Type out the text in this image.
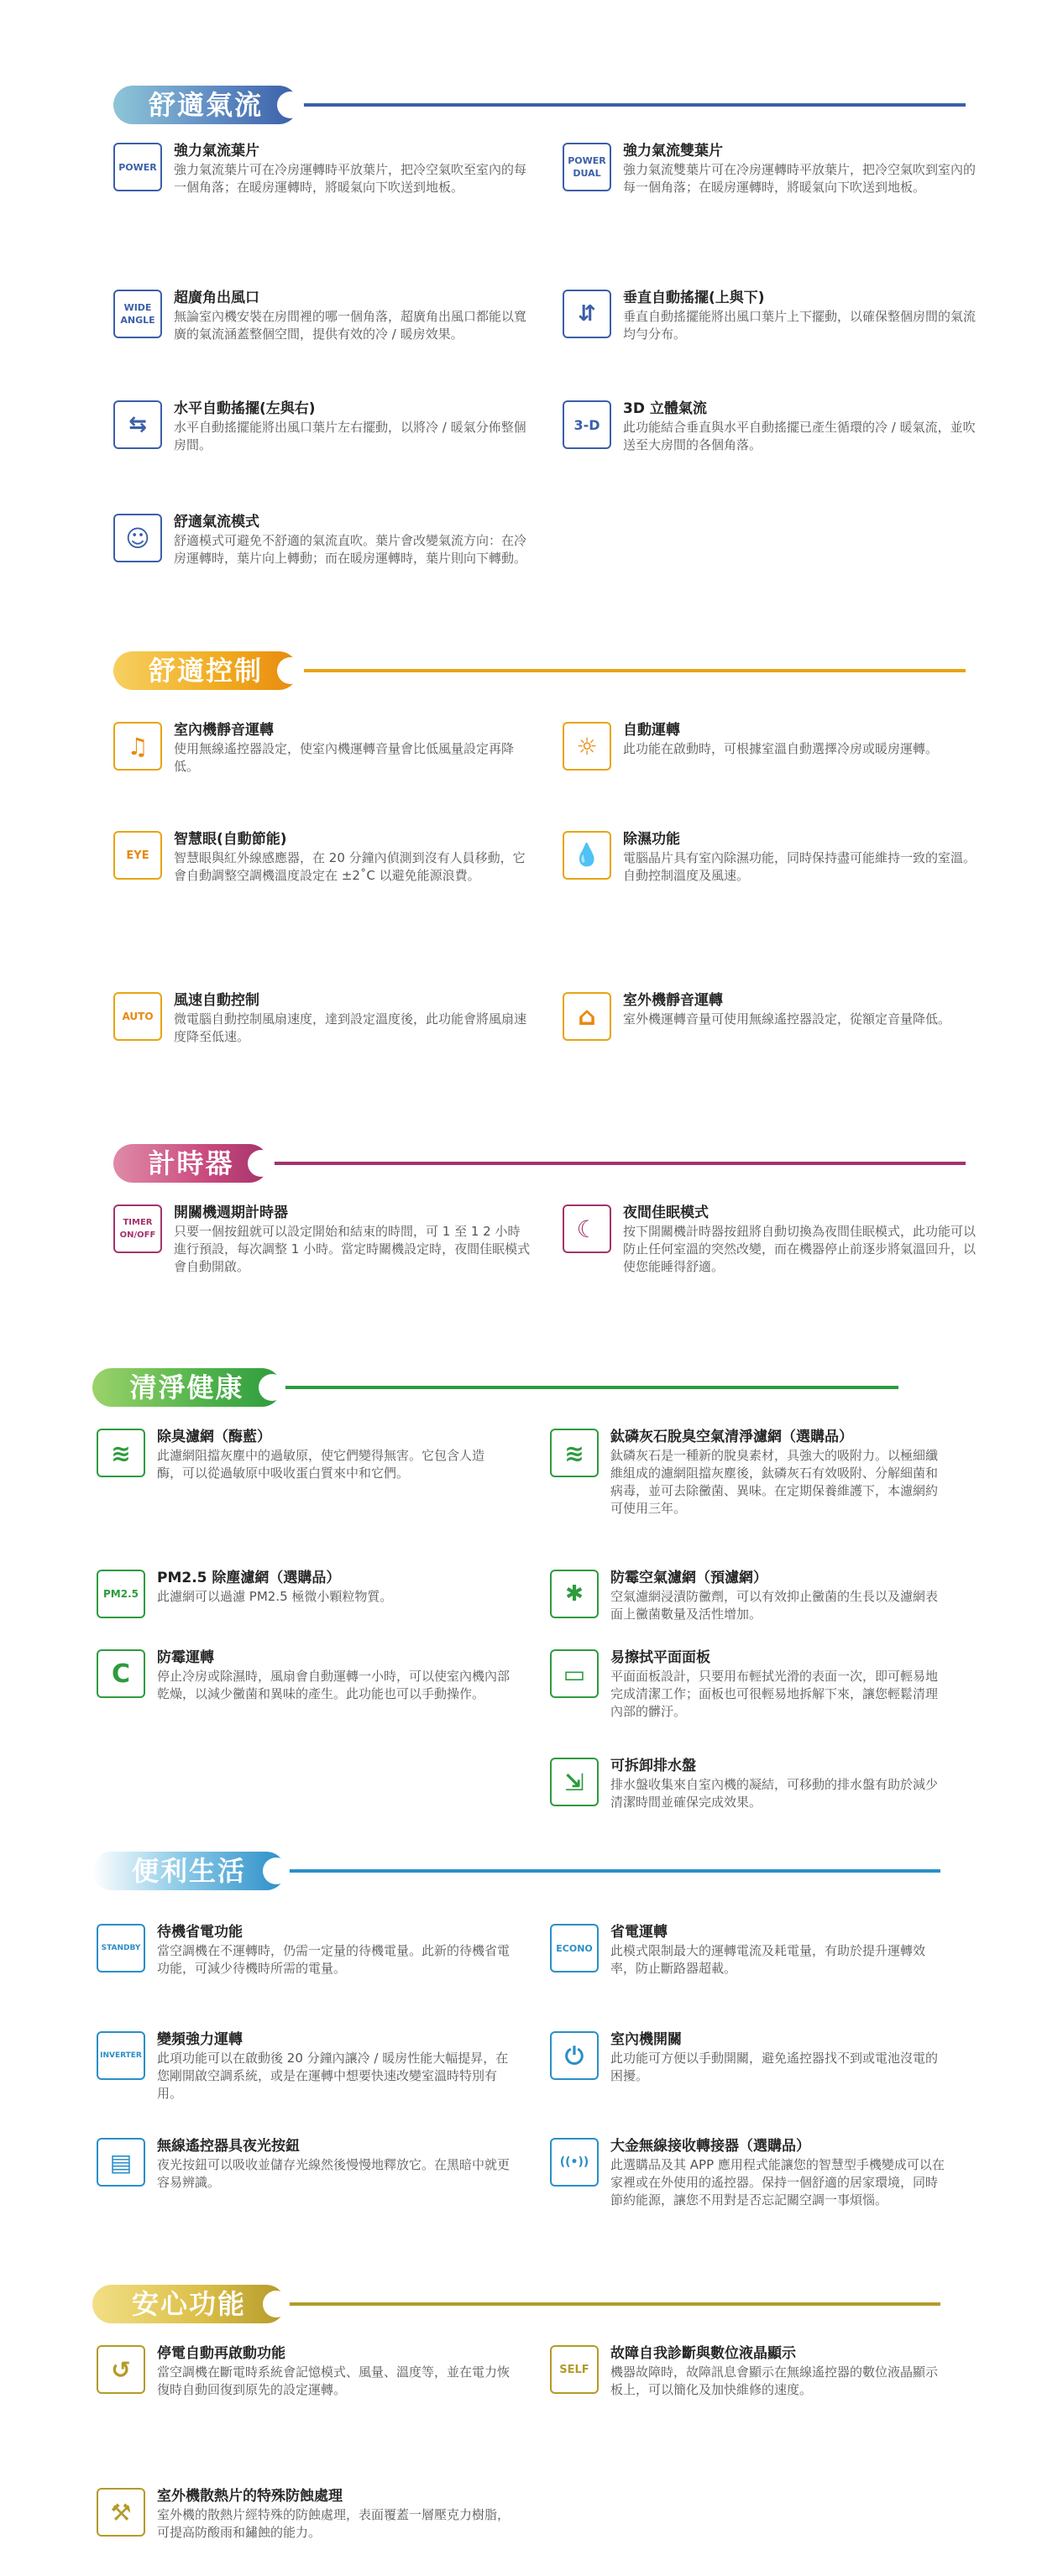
舒適氣流
POWER
強力氣流葉片
強力氣流葉片可在冷房運轉時平放葉片，把冷空氣吹至室內的每一個角落；在暖房運轉時，將暖氣向下吹送到地板。
POWER DUAL
強力氣流雙葉片
強力氣流雙葉片可在冷房運轉時平放葉片，把冷空氣吹到室內的每一個角落；在暖房運轉時，將暖氣向下吹送到地板。
WIDE ANGLE
超廣角出風口
無論室內機安裝在房間裡的哪一個角落，超廣角出風口都能以寬廣的氣流涵蓋整個空間，提供有效的冷 / 暖房效果。
⇵
垂直自動搖擺(上與下)
垂直自動搖擺能將出風口葉片上下擺動，以確保整個房間的氣流均勻分布。
⇆
水平自動搖擺(左與右)
水平自動搖擺能將出風口葉片左右擺動，以將冷 / 暖氣分佈整個房間。
3-D
3D 立體氣流
此功能結合垂直與水平自動搖擺已產生循環的冷 / 暖氣流，並吹送至大房間的各個角落。
☺
舒適氣流模式
舒適模式可避免不舒適的氣流直吹。葉片會改變氣流方向：在冷房運轉時，葉片向上轉動；而在暖房運轉時，葉片則向下轉動。
舒適控制
♫
室內機靜音運轉
使用無線遙控器設定，使室內機運轉音量會比低風量設定再降低。
☼
自動運轉
此功能在啟動時，可根據室溫自動選擇冷房或暖房運轉。
EYE
智慧眼(自動節能)
智慧眼與紅外線感應器，在 20 分鐘內偵測到沒有人員移動，它會自動調整空調機溫度設定在 ±2˚C 以避免能源浪費。
💧
除濕功能
電腦晶片具有室內除濕功能，同時保持盡可能維持一致的室溫。自動控制溫度及風速。
AUTO
風速自動控制
微電腦自動控制風扇速度，達到設定溫度後，此功能會將風扇速度降至低速。
⌂
室外機靜音運轉
室外機運轉音量可使用無線遙控器設定，從額定音量降低。
計時器
TIMER ON/OFF
開關機週期計時器
只要一個按鈕就可以設定開始和結束的時間，可 1 至 1 2 小時進行預設，每次調整 1 小時。當定時關機設定時，夜間佳眠模式會自動開啟。
☾
夜間佳眠模式
按下開關機計時器按鈕將自動切換為夜間佳眠模式，此功能可以防止任何室溫的突然改變，而在機器停止前逐步將氣溫回升，以使您能睡得舒適。
清淨健康
≋
除臭濾網（酶藍）
此濾網阻擋灰塵中的過敏原，使它們變得無害。它包含人造酶，可以從過敏原中吸收蛋白質來中和它們。
≋
鈦磷灰石脫臭空氣清淨濾網（選購品）
鈦磷灰石是一種新的脫臭素材，具強大的吸附力。以極細纖維組成的濾網阻擋灰塵後，鈦磷灰石有效吸附、分解細菌和病毒，並可去除黴菌、異味。在定期保養維護下，本濾網約可使用三年。
PM2.5
PM2.5 除塵濾網（選購品）
此濾網可以過濾 PM2.5 極微小顆粒物質。	✱
防霉空氣濾網（預濾網）
空氣濾網浸漬防黴劑，可以有效抑止黴菌的生長以及濾網表面上黴菌數量及活性增加。
C
防霉運轉
停止冷房或除濕時，風扇會自動運轉一小時，可以使室內機內部乾燥，以減少黴菌和異味的產生。此功能也可以手動操作。
▭
易擦拭平面面板
平面面板設計，只要用布輕拭光滑的表面一次，即可輕易地完成清潔工作；面板也可很輕易地拆解下來，讓您輕鬆清理內部的髒汙。
⇲
可拆卸排水盤
排水盤收集來自室內機的凝結，可移動的排水盤有助於減少清潔時間並確保完成效果。
便利生活
STANDBY
待機省電功能
當空調機在不運轉時，仍需一定量的待機電量。此新的待機省電功能，可減少待機時所需的電量。
ECONO
省電運轉
此模式限制最大的運轉電流及耗電量，有助於提升運轉效率，防止斷路器超載。
INVERTER
變頻強力運轉
此項功能可以在啟動後 20 分鐘內讓冷 / 暖房性能大幅提昇，在您剛開啟空調系統，或是在運轉中想要快速改變室溫時特別有用。
⏻
室內機開關
此功能可方便以手動開關，避免遙控器找不到或電池沒電的困擾。
▤
無線遙控器具夜光按鈕
夜光按鈕可以吸收並儲存光線然後慢慢地釋放它。在黑暗中就更容易辨識。
((•))
大金無線接收轉接器（選購品）
此選購品及其 APP 應用程式能讓您的智慧型手機變成可以在家裡或在外使用的遙控器。保持一個舒適的居家環境，同時節約能源，讓您不用對是否忘記關空調一事煩惱。
安心功能
↺
停電自動再啟動功能
當空調機在斷電時系統會記憶模式、風量、溫度等，並在電力恢復時自動回復到原先的設定運轉。
SELF
故障自我診斷與數位液晶顯示
機器故障時，故障訊息會顯示在無線遙控器的數位液晶顯示板上，可以簡化及加快維修的速度。
⚒
室外機散熱片的特殊防蝕處理
室外機的散熱片經特殊的防蝕處理，表面覆蓋一層壓克力樹脂，可提高防酸雨和鏽蝕的能力。
